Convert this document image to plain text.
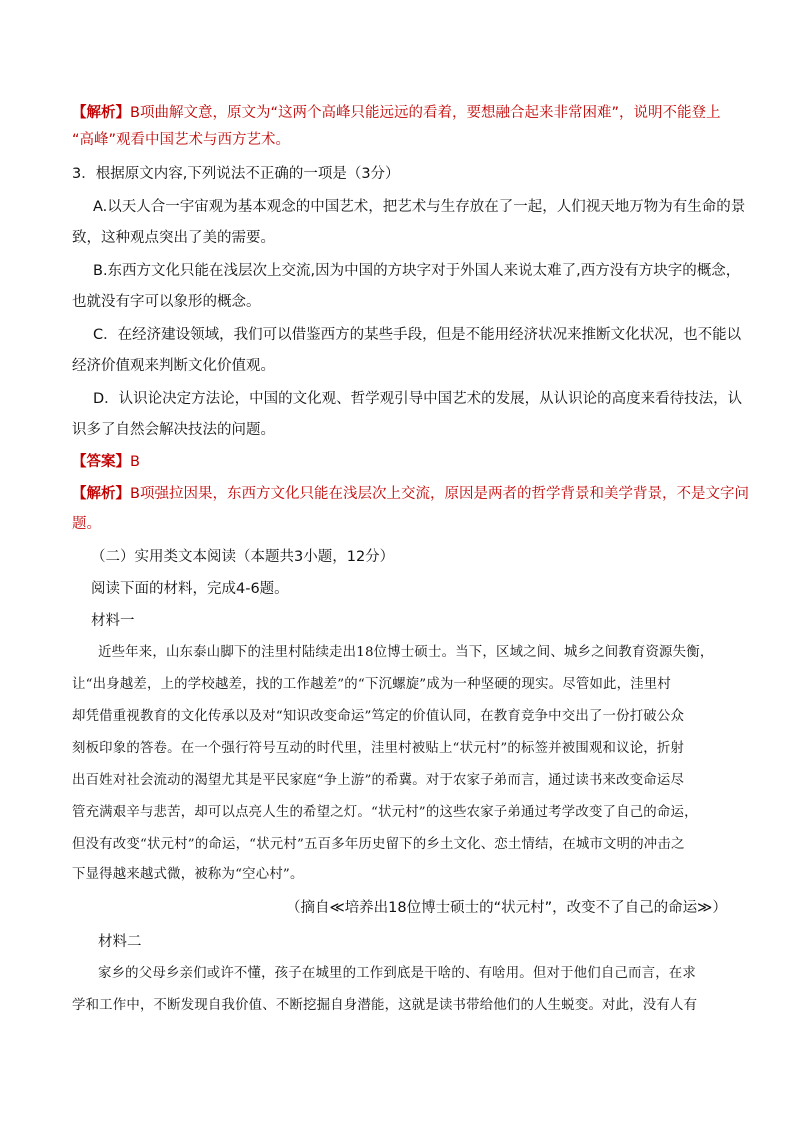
【解析】B项曲解文意，原文为“这两个高峰只能远远的看着，要想融合起来非常困难”，说明不能登上
“高峰”观看中国艺术与西方艺术。
3．根据原文内容,下列说法不正确的一项是（3分）
A.以天人合一宇宙观为基本观念的中国艺术，把艺术与生存放在了一起，人们视天地万物为有生命的景
致，这种观点突出了美的需要。
B.东西方文化只能在浅层次上交流,因为中国的方块字对于外国人来说太难了,西方没有方块字的概念，
也就没有字可以象形的概念。
C．在经济建设领域，我们可以借鉴西方的某些手段，但是不能用经济状况来推断文化状况，也不能以
经济价值观来判断文化价值观。
D．认识论决定方法论，中国的文化观、哲学观引导中国艺术的发展，从认识论的高度来看待技法，认
识多了自然会解决技法的问题。
【答案】B
【解析】B项强拉因果，东西方文化只能在浅层次上交流，原因是两者的哲学背景和美学背景，不是文字问
题。
（二）实用类文本阅读（本题共3小题，12分）
阅读下面的材料，完成4-6题。
材料一
近些年来，山东泰山脚下的洼里村陆续走出18位博士硕士。当下，区域之间、城乡之间教育资源失衡，
让“出身越差，上的学校越差，找的工作越差”的“下沉螺旋”成为一种坚硬的现实。尽管如此，洼里村
却凭借重视教育的文化传承以及对“知识改变命运”笃定的价值认同，在教育竞争中交出了一份打破公众
刻板印象的答卷。在一个强行符号互动的时代里，洼里村被贴上“状元村”的标签并被围观和议论，折射
出百姓对社会流动的渴望尤其是平民家庭“争上游”的希冀。对于农家子弟而言，通过读书来改变命运尽
管充满艰辛与悲苦，却可以点亮人生的希望之灯。“状元村”的这些农家子弟通过考学改变了自己的命运，
但没有改变“状元村”的命运，“状元村”五百多年历史留下的乡土文化、恋土情结，在城市文明的冲击之
下显得越来越式微，被称为“空心村”。
（摘自≪培养出18位博士硕士的“状元村”，改变不了自己的命运≫）
材料二
家乡的父母乡亲们或许不懂，孩子在城里的工作到底是干啥的、有啥用。但对于他们自己而言，在求
学和工作中，不断发现自我价值、不断挖掘自身潜能，这就是读书带给他们的人生蜕变。对此，没有人有
